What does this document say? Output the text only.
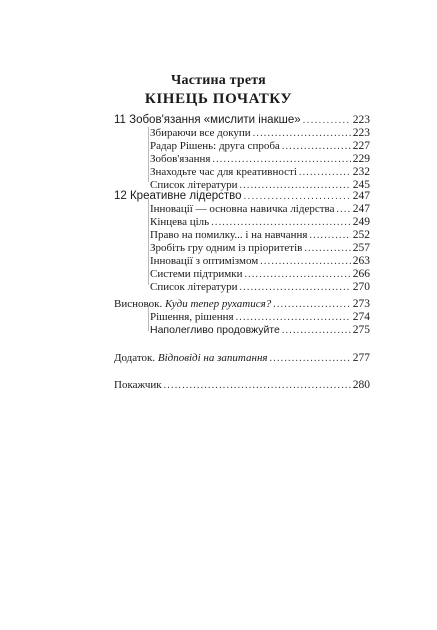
Частина третя
КІНЕЦЬ ПОЧАТКУ
11 Зобов'язання «мислити інакше» .....	223
Збираючи все докупи .....	223
Радар Рішень: друга спроба .....	227
Зобов'язання .....	229
Знаходьте час для креативності .....	232
Список літератури .....	245
12 Креативне лідерство .....	247
Інновації — основна навичка лідерства ..... 247
Кінцева ціль .....	249
Право на помилку... і на навчання .....	252
Зробіть гру одним із пріоритетів .....	257
Інновації з оптимізмом .....	263
Системи підтримки .....	266
Список літератури .....	270
Висновок. Куди тепер рухатися? .....	273
Рішення, рішення .....	274
Наполегливо продовжуйте .....	275
Додаток. Відповіді на запитання .....	277
Покажчик .....	280
